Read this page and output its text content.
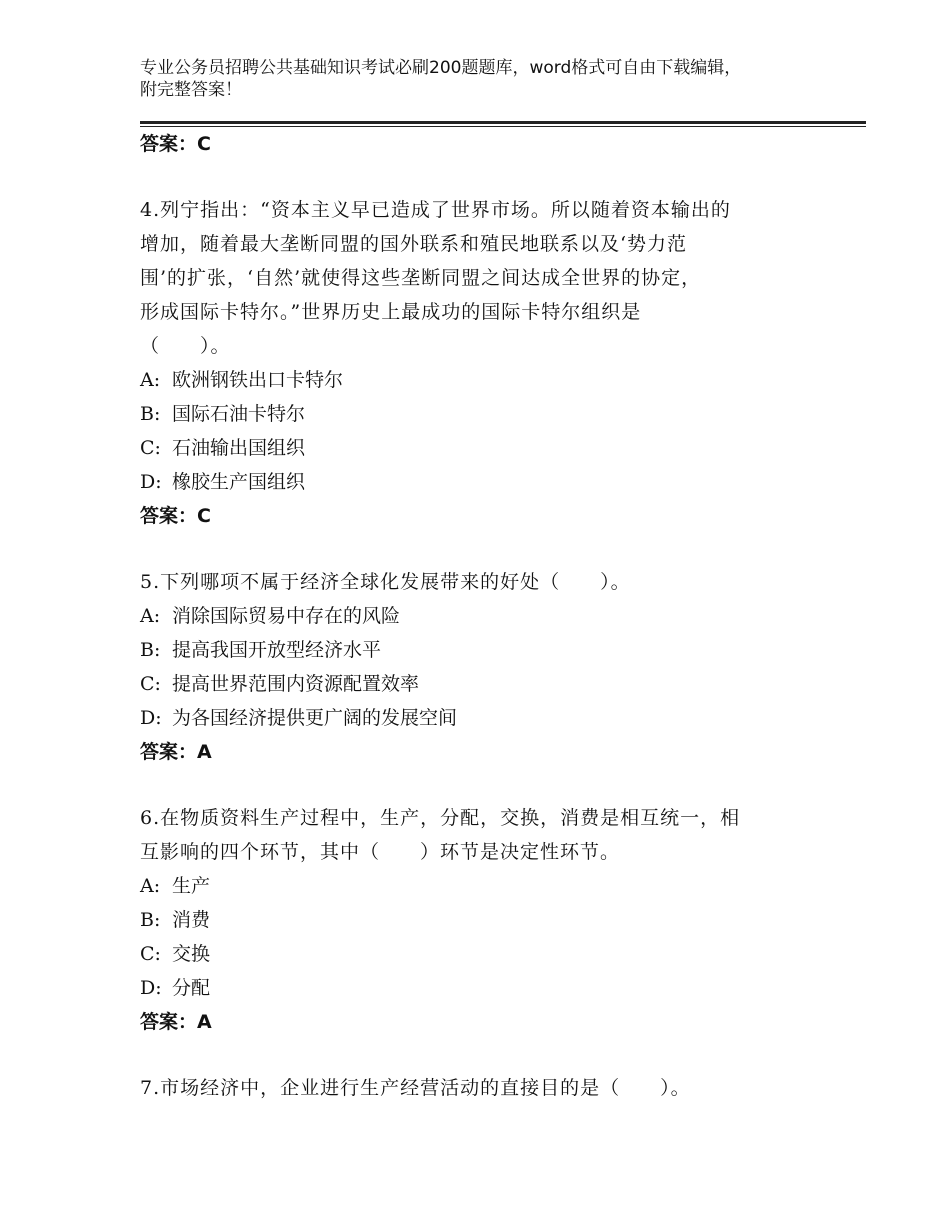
专业公务员招聘公共基础知识考试必刷200题题库，word格式可自由下载编辑，
附完整答案！
答案：C
4.列宁指出：“资本主义早已造成了世界市场。所以随着资本输出的
增加，随着最大垄断同盟的国外联系和殖民地联系以及‘势力范
围’的扩张，‘自然’就使得这些垄断同盟之间达成全世界的协定，
形成国际卡特尔。”世界历史上最成功的国际卡特尔组织是
（　　）。
A: 欧洲钢铁出口卡特尔
B: 国际石油卡特尔
C: 石油输出国组织
D: 橡胶生产国组织
答案：C
5.下列哪项不属于经济全球化发展带来的好处（　　）。
A: 消除国际贸易中存在的风险
B: 提高我国开放型经济水平
C: 提高世界范围内资源配置效率
D: 为各国经济提供更广阔的发展空间
答案：A
6.在物质资料生产过程中，生产，分配，交换，消费是相互统一，相
互影响的四个环节，其中（　　）环节是决定性环节。
A: 生产
B: 消费
C: 交换
D: 分配
答案：A
7.市场经济中，企业进行生产经营活动的直接目的是（　　）。
